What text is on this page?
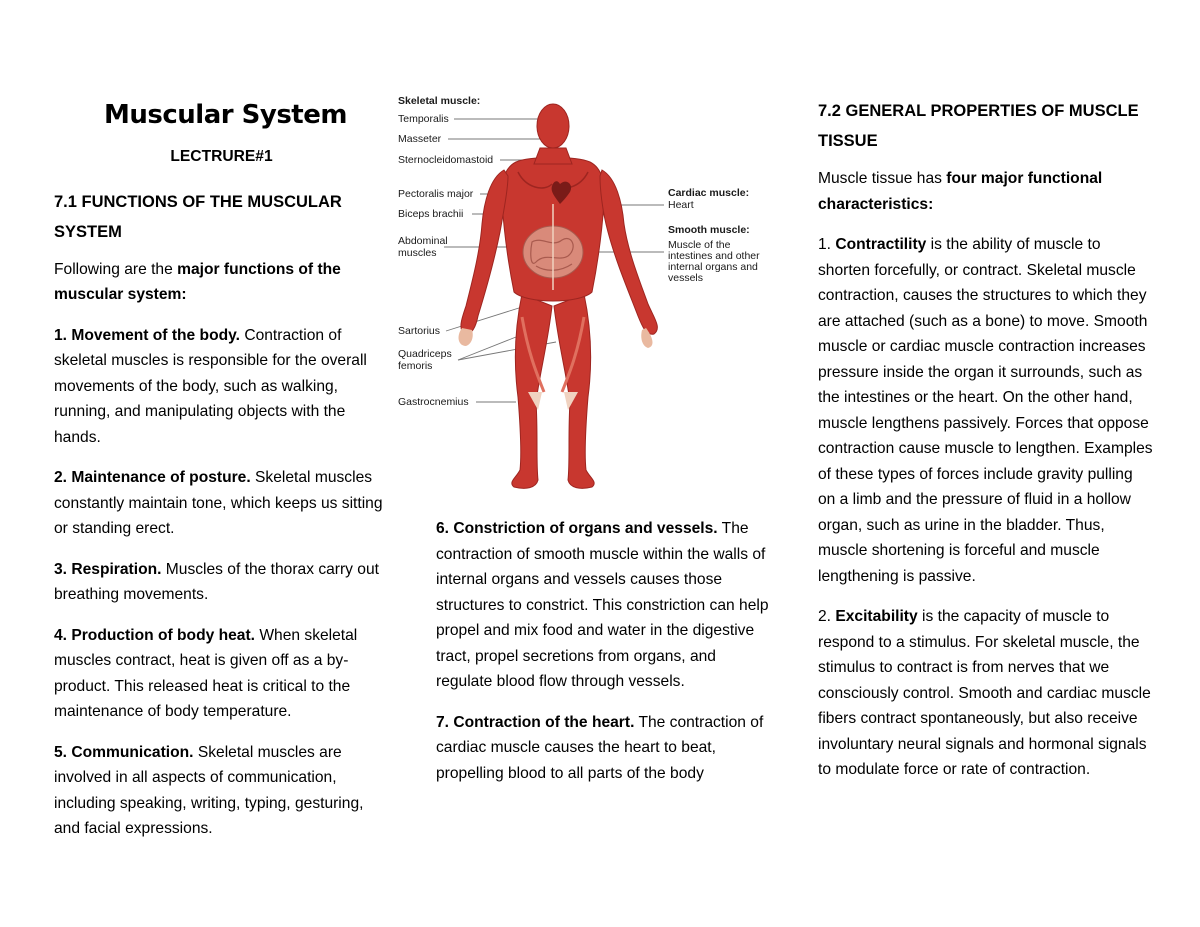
Muscular System
LECTRURE#1
7.1 FUNCTIONS OF THE MUSCULAR SYSTEM

Following are the major functions of the muscular system:

1. Movement of the body. Contraction of skeletal muscles is responsible for the overall movements of the body, such as walking, running, and manipulating objects with the hands.

2. Maintenance of posture. Skeletal muscles constantly maintain tone, which keeps us sitting or standing erect.

3. Respiration. Muscles of the thorax carry out breathing movements.

4. Production of body heat. When skeletal muscles contract, heat is given off as a by-product. This released heat is critical to the maintenance of body temperature.

5. Communication. Skeletal muscles are involved in all aspects of communication, including speaking, writing, typing, gesturing, and facial expressions.

Skeletal muscle:
Temporalis
Masseter
Sternocleidomastoid
Pectoralis major
Biceps brachii
Abdominal
muscles
Sartorius
Quadriceps
femoris
Gastrocnemius
Cardiac muscle:
Heart
Smooth muscle:
Muscle of the
intestines and other
internal organs and
vessels

6. Constriction of organs and vessels. The contraction of smooth muscle within the walls of internal organs and vessels causes those structures to constrict. This constriction can help propel and mix food and water in the digestive tract, propel secretions from organs, and regulate blood flow through vessels.

7. Contraction of the heart. The contraction of cardiac muscle causes the heart to beat, propelling blood to all parts of the body

7.2 GENERAL PROPERTIES OF MUSCLE TISSUE

Muscle tissue has four major functional characteristics:

1. Contractility is the ability of muscle to shorten forcefully, or contract. Skeletal muscle contraction, causes the structures to which they are attached (such as a bone) to move. Smooth muscle or cardiac muscle contraction increases pressure inside the organ it surrounds, such as the intestines or the heart. On the other hand, muscle lengthens passively. Forces that oppose contraction cause muscle to lengthen. Examples of these types of forces include gravity pulling on a limb and the pressure of fluid in a hollow organ, such as urine in the bladder. Thus, muscle shortening is forceful and muscle lengthening is passive.

2. Excitability is the capacity of muscle to respond to a stimulus. For skeletal muscle, the stimulus to contract is from nerves that we consciously control. Smooth and cardiac muscle fibers contract spontaneously, but also receive involuntary neural signals and hormonal signals to modulate force or rate of contraction.
